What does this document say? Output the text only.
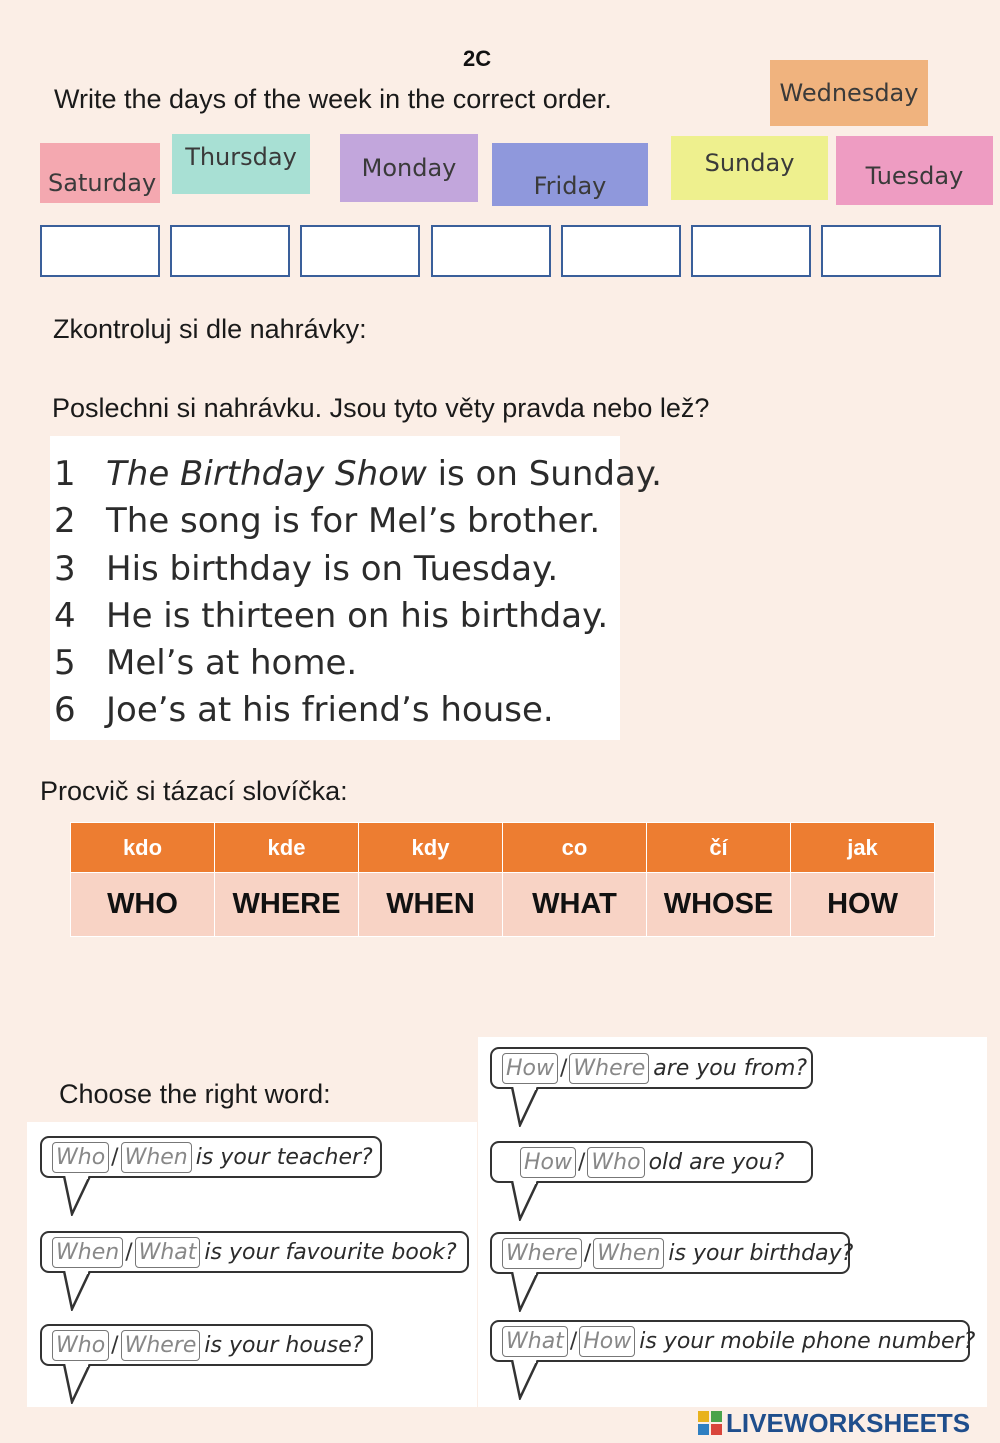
2C
Write the days of the week in the correct order.	Wednesday
Saturday
Thursday	Monday
Friday
Sunday	Tuesday
Zkontroluj si dle nahrávky:
Poslechni si nahrávku. Jsou tyto věty pravda nebo lež?
1 The Birthday Show is on Sunday.
2 The song is for Mel’s brother.
3 His birthday is on Tuesday.
4 He is thirteen on his birthday.
5 Mel’s at home.
6 Joe’s at his friend’s house.
Procvič si tázací slovíčka:
kdo	kde	kdy	co	čí	jak
WHO	WHERE	WHEN	WHAT	WHOSE	HOW
Choose the right word:
Who / When is your teacher?
When / What is your favourite book?
Who / Where is your house?
How / Where are you from?
How / Who old are you?
Where / When is your birthday?
What / How is your mobile phone number?
LIVEWORKSHEETS
